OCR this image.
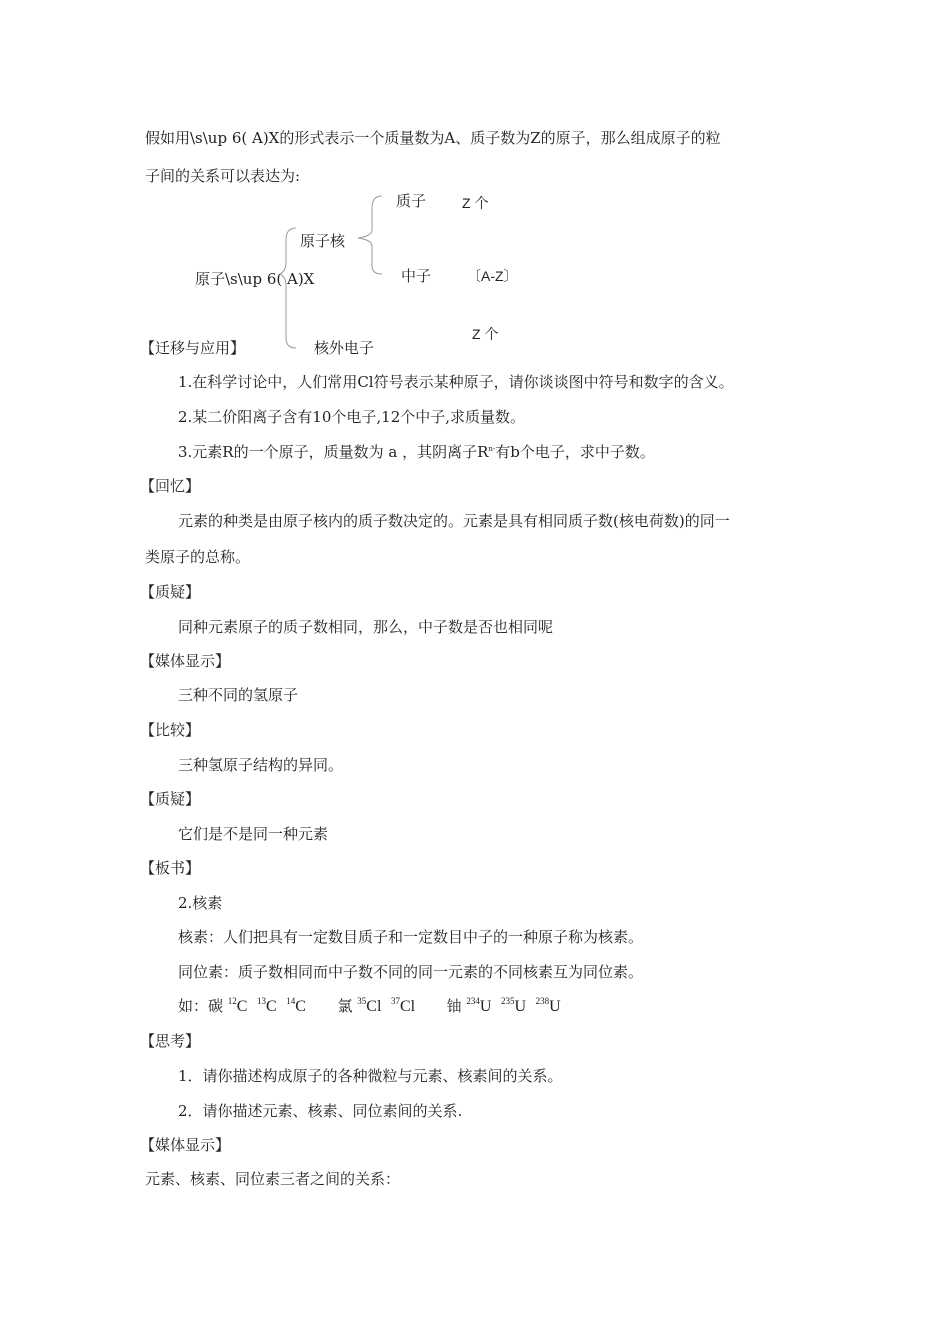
假如用\s\up 6( A)X的形式表示一个质量数为A、质子数为Z的原子，那么组成原子的粒
子间的关系可以表达为:
原子\s\up 6( A)X
原子核
质子	Z 个
中子	〔A-Z〕
核外电子
Z 个
【迁移与应用】
1.在科学讨论中，人们常用Cl符号表示某种原子，请你谈谈图中符号和数字的含义。
2.某二价阳离子含有10个电子,12个中子,求质量数。
3.元素R的一个原子，质量数为 a ，其阴离子$R^{n-}$有b个电子，求中子数。
【回忆】
元素的种类是由原子核内的质子数决定的。元素是具有相同质子数(核电荷数)的同一
类原子的总称。
【质疑】
同种元素原子的质子数相同，那么，中子数是否也相同呢
【媒体显示】
三种不同的氢原子
【比较】
三种氢原子结构的异同。
【质疑】
它们是不是同一种元素
【板书】
2.核素
核素：人们把具有一定数目质子和一定数目中子的一种原子称为核素。
同位素：质子数相同而中子数不同的同一元素的不同核素互为同位素。
如：碳 $^{12}$C $^{13}$C $^{14}$C 氯 $^{35}$Cl $^{37}$Cl 铀 $^{234}$U $^{235}$U $^{238}$U
【思考】
1．请你描述构成原子的各种微粒与元素、核素间的关系。
2．请你描述元素、核素、同位素间的关系.
【媒体显示】
元素、核素、同位素三者之间的关系：
